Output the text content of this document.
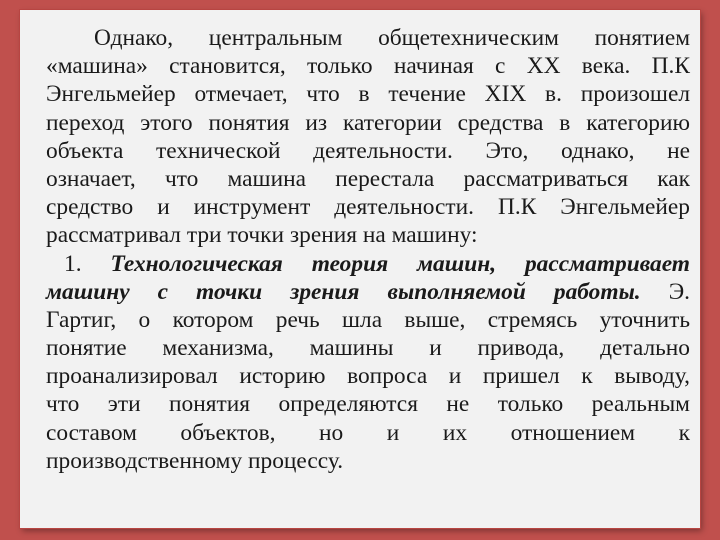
Однако, центральным общетехническим понятием
«машина» становится, только начиная с XX века. П.К
Энгельмейер отмечает, что в течение XIX в. произошел
переход этого понятия из категории средства в категорию
объекта технической деятельности. Это, однако, не
означает, что машина перестала рассматриваться как
средство и инструмент деятельности. П.К Энгельмейер
рассматривал три точки зрения на машину:
1. Технологическая теория машин, рассматривает
машину с точки зрения выполняемой работы. Э.
Гартиг, о котором речь шла выше, стремясь уточнить
понятие механизма, машины и привода, детально
проанализировал историю вопроса и пришел к выводу,
что эти понятия определяются не только реальным
составом объектов, но и их отношением к
производственному процессу.
